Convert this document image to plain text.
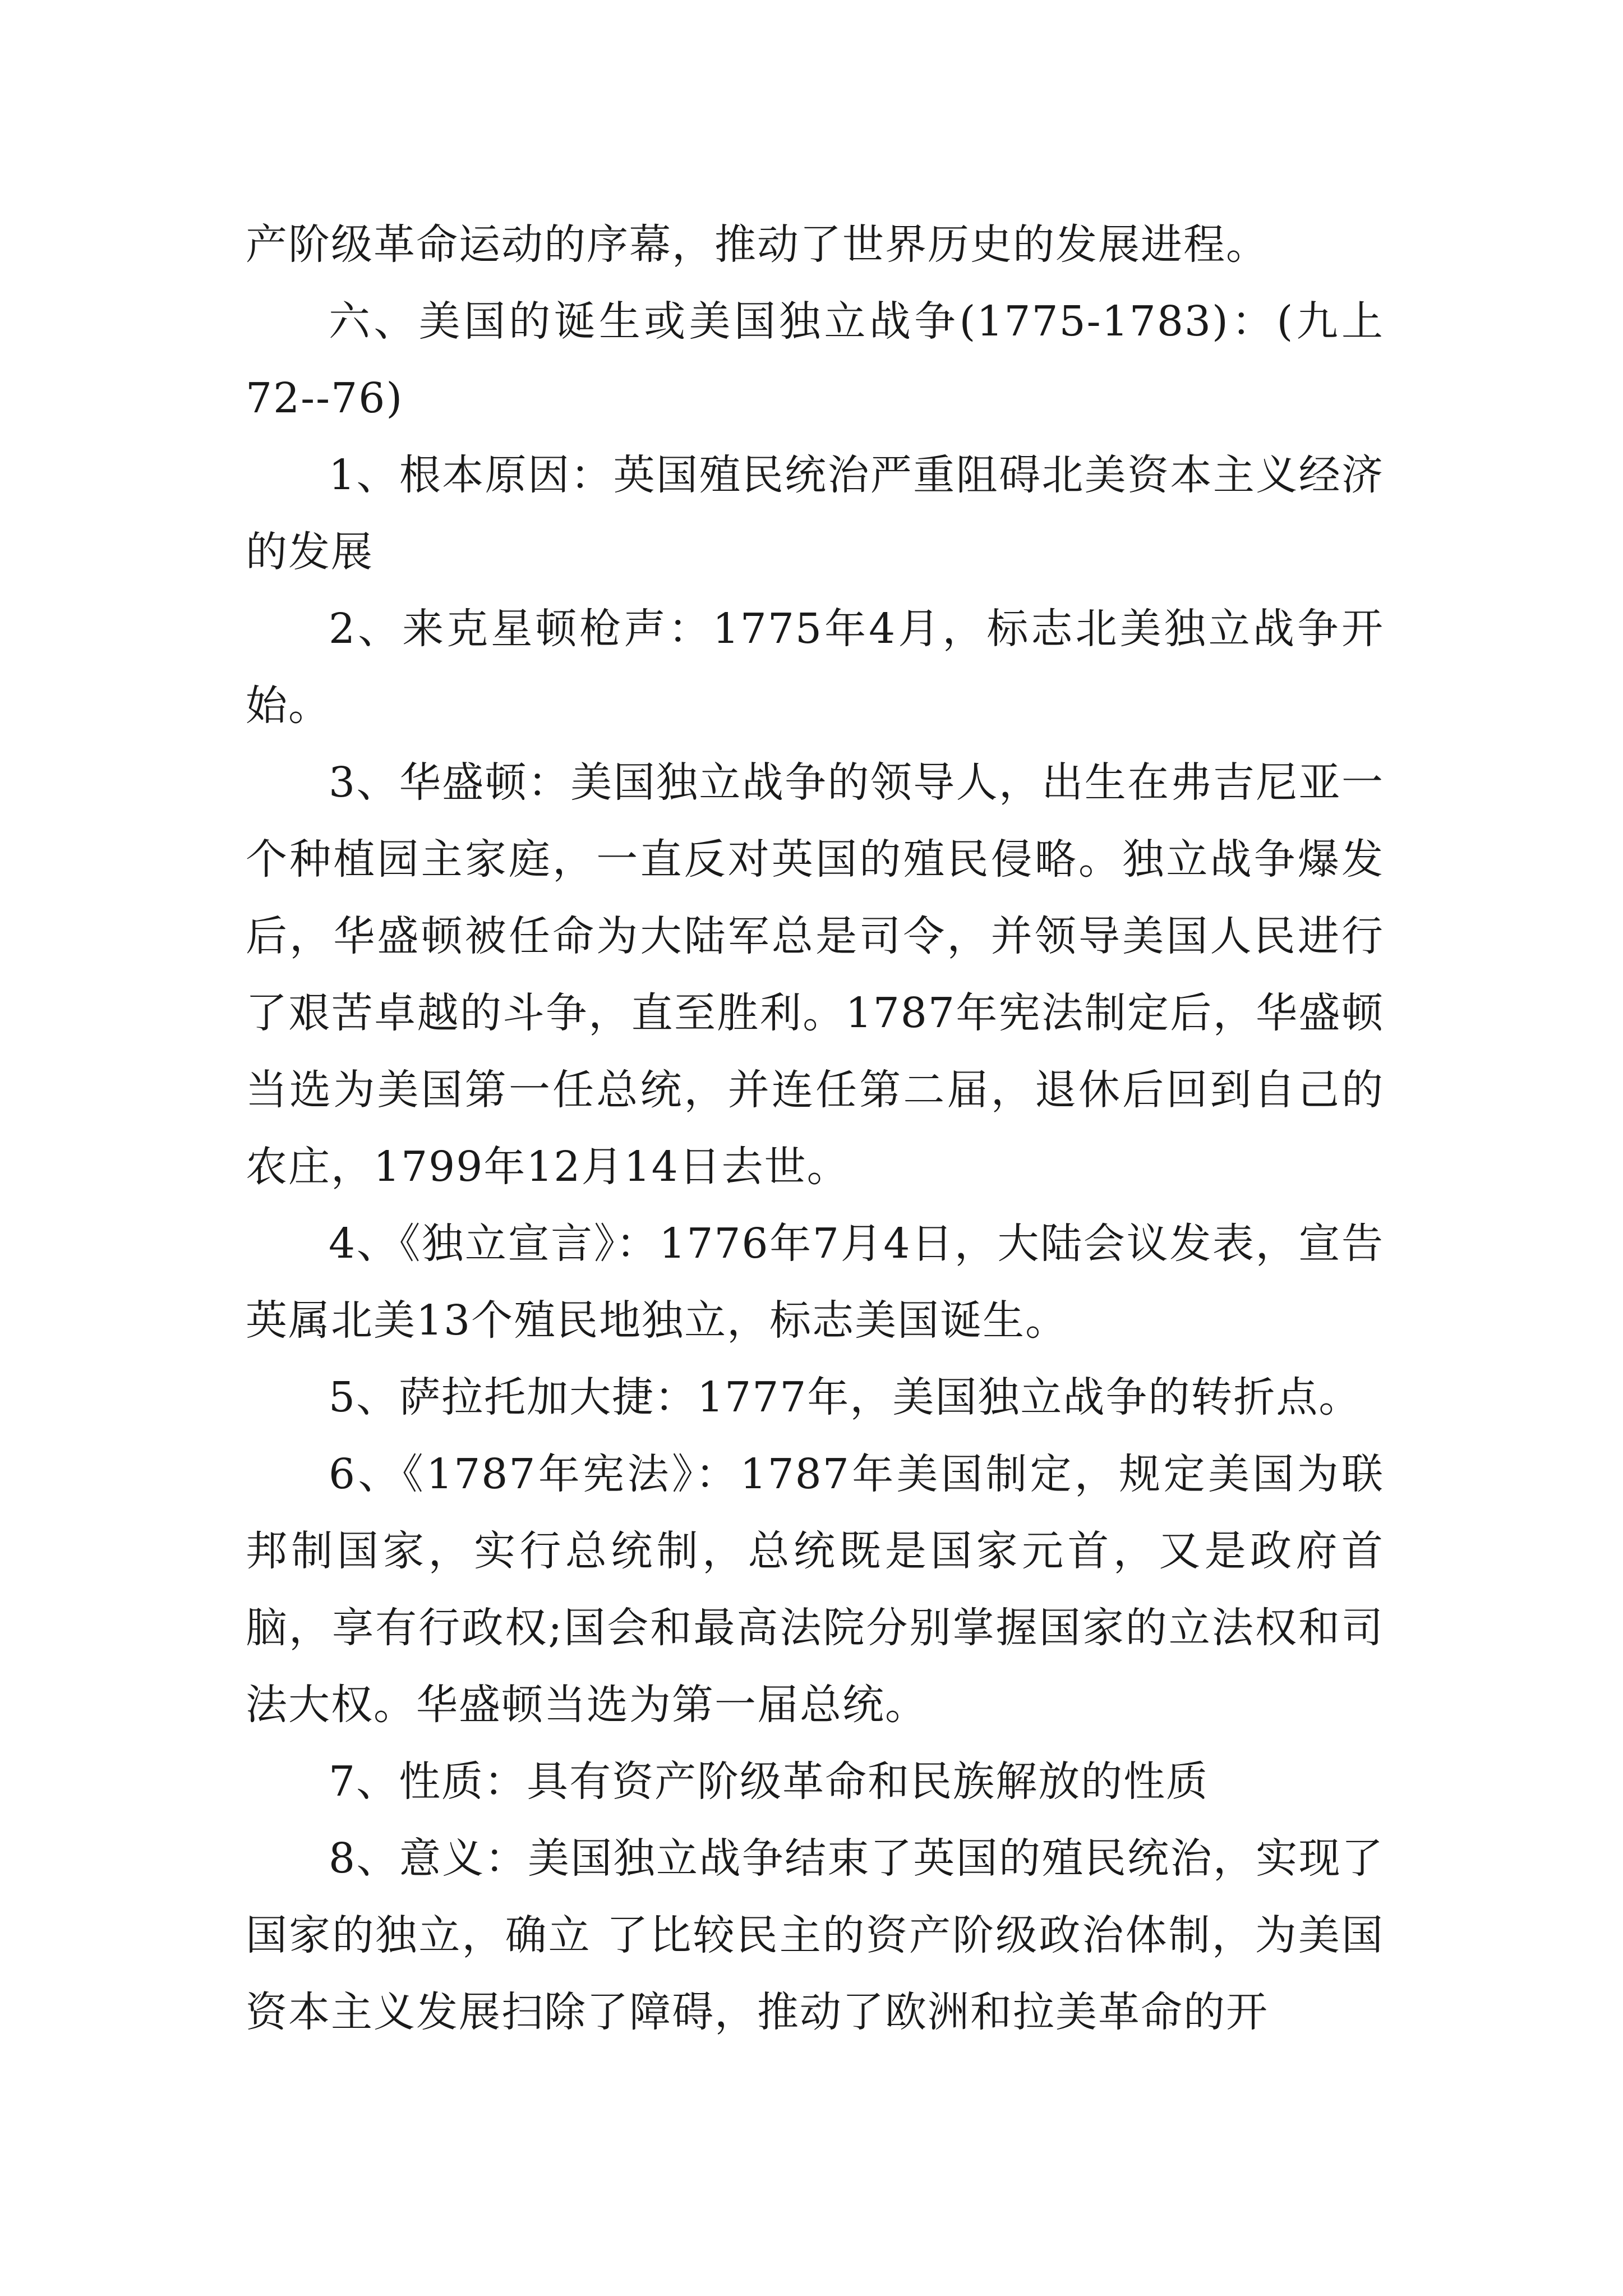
产阶级革命运动的序幕，推动了世界历史的发展进程。

六、美国的诞生或美国独立战争(1775-1783)：(九上72--76)

1、根本原因：英国殖民统治严重阻碍北美资本主义经济的发展

2、来克星顿枪声：1775年4月，标志北美独立战争开始。

3、华盛顿：美国独立战争的领导人，出生在弗吉尼亚一个种植园主家庭，一直反对英国的殖民侵略。独立战争爆发后，华盛顿被任命为大陆军总是司令，并领导美国人民进行了艰苦卓越的斗争，直至胜利。1787年宪法制定后，华盛顿当选为美国第一任总统，并连任第二届，退休后回到自己的农庄，1799年12月14日去世。

4、《独立宣言》：1776年7月4日，大陆会议发表，宣告英属北美13个殖民地独立，标志美国诞生。

5、萨拉托加大捷：1777年，美国独立战争的转折点。

6、《1787年宪法》：1787年美国制定，规定美国为联邦制国家，实行总统制，总统既是国家元首，又是政府首脑，享有行政权;国会和最高法院分别掌握国家的立法权和司法大权。华盛顿当选为第一届总统。

7、性质：具有资产阶级革命和民族解放的性质

8、意义：美国独立战争结束了英国的殖民统治，实现了国家的独立，确立 了比较民主的资产阶级政治体制，为美国资本主义发展扫除了障碍，推动了欧洲和拉美革命的开
